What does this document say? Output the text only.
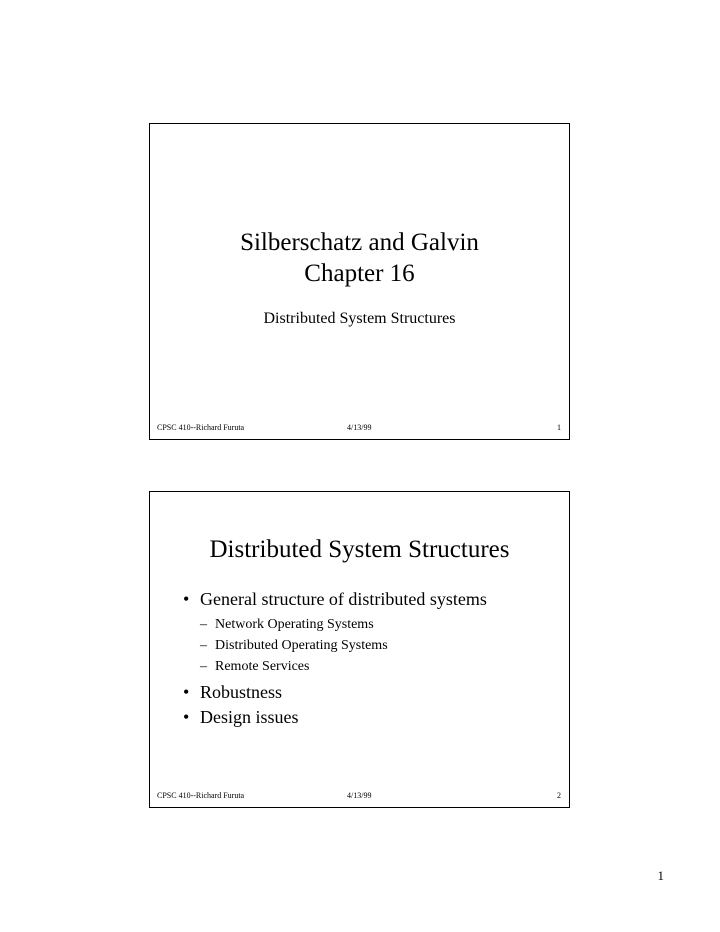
Silberschatz and Galvin
Chapter 16
Distributed System Structures
CPSC 410--Richard Furuta	4/13/99	1
Distributed System Structures
• General structure of distributed systems
– Network Operating Systems
– Distributed Operating Systems
– Remote Services
• Robustness
• Design issues
CPSC 410--Richard Furuta	4/13/99	2
1
